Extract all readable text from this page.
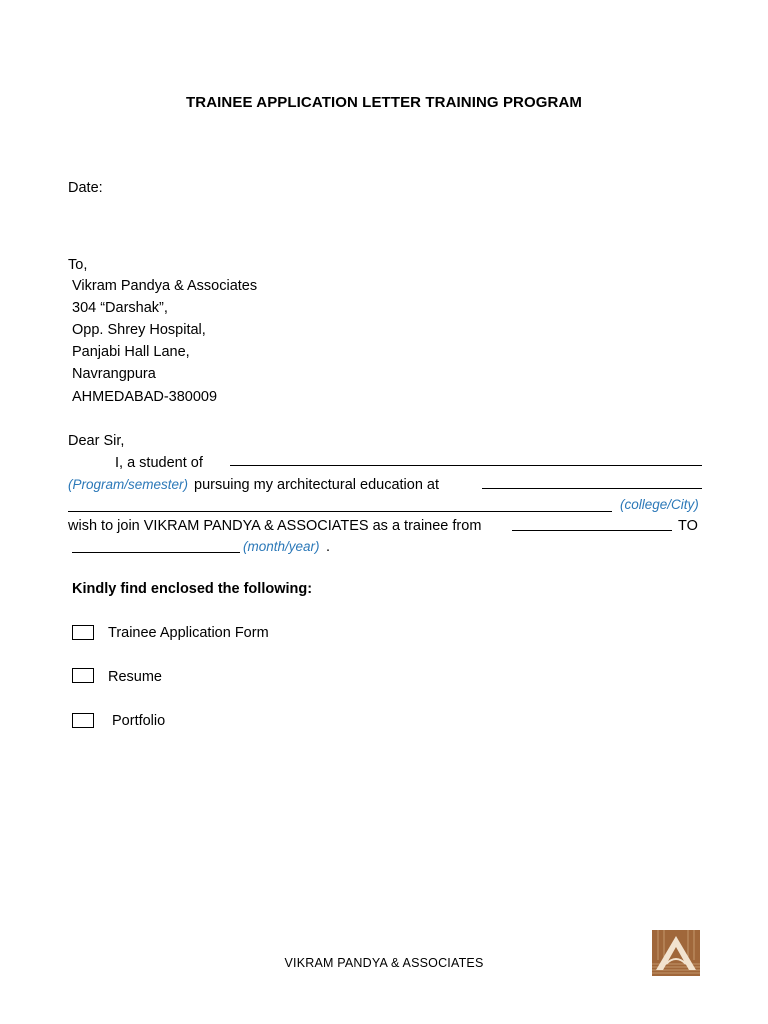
TRAINEE APPLICATION LETTER TRAINING PROGRAM
Date:
To,
Vikram Pandya & Associates
304 “Darshak”,
Opp. Shrey Hospital,
Panjabi Hall Lane,
Navrangpura
AHMEDABAD-380009
Dear Sir,
I, a student of
(Program/semester) pursuing my architectural education at
(college/City)
wish to join VIKRAM PANDYA & ASSOCIATES as a trainee from	TO
(month/year) .
Kindly find enclosed the following:
Trainee Application Form
Resume
Portfolio
VIKRAM PANDYA & ASSOCIATES
